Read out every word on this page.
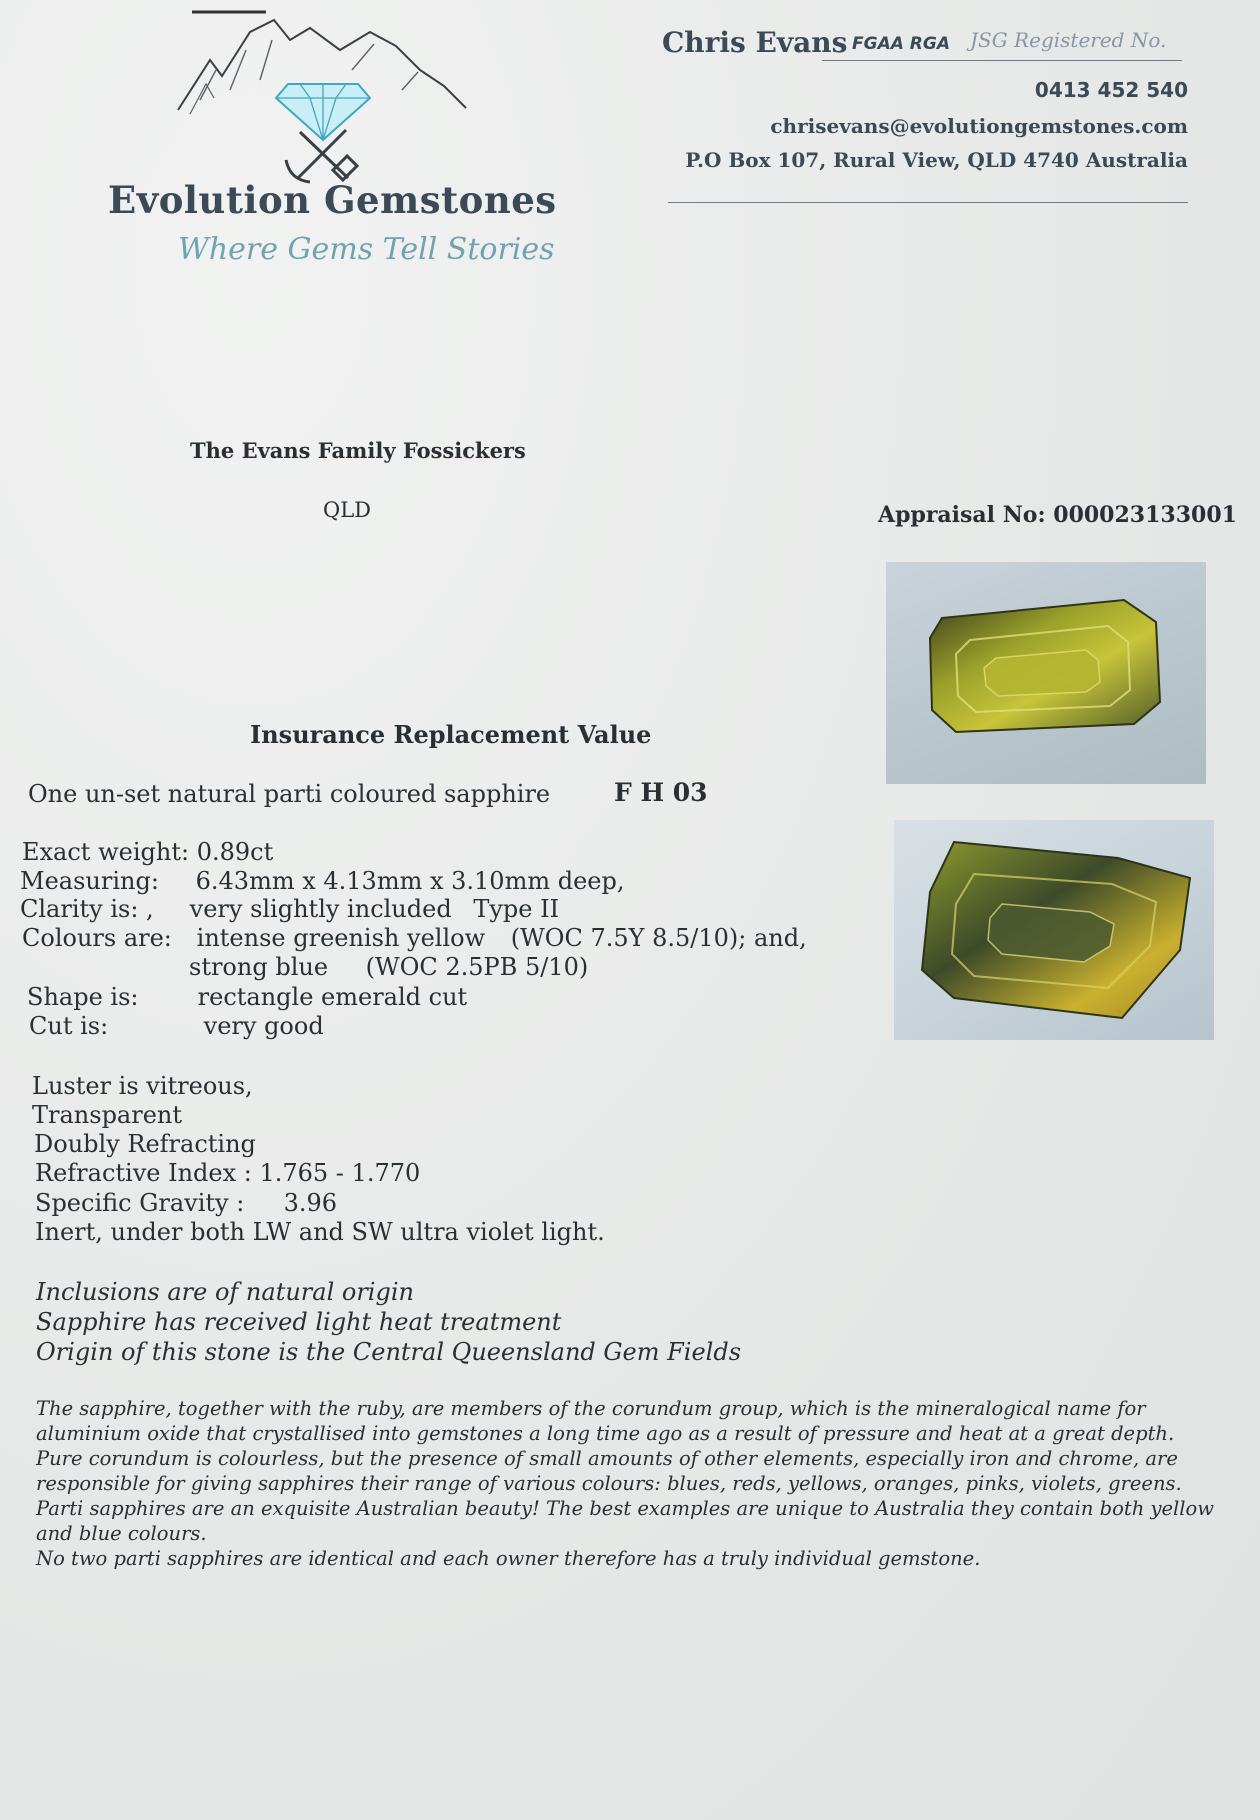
Evolution Gemstones
Where Gems Tell Stories
Chris Evans FGAA RGA JSG Registered No.
0413 452 540
chrisevans@evolutiongemstones.com
P.O Box 107, Rural View, QLD 4740 Australia
The Evans Family Fossickers
QLD	Appraisal No: 000023133001
Insurance Replacement Value
One un-set natural parti coloured sapphire	F H 03
Exact weight: 0.89ct
Measuring: 6.43mm x 4.13mm x 3.10mm deep,
Clarity is: , very slightly included Type II
Colours are: intense greenish yellow (WOC 7.5Y 8.5/10); and,
strong blue (WOC 2.5PB 5/10)
Shape is: rectangle emerald cut
Cut is:	very good
Luster is vitreous,
Transparent
Doubly Refracting
Refractive Index : 1.765 - 1.770
Specific Gravity : 3.96
Inert, under both LW and SW ultra violet light.
Inclusions are of natural origin
Sapphire has received light heat treatment
Origin of this stone is the Central Queensland Gem Fields

The sapphire, together with the ruby, are members of the corundum group, which is the mineralogical name for

aluminium oxide that crystallised into gemstones a long time ago as a result of pressure and heat at a great depth.

Pure corundum is colourless, but the presence of small amounts of other elements, especially iron and chrome, are

responsible for giving sapphires their range of various colours: blues, reds, yellows, oranges, pinks, violets, greens.

Parti sapphires are an exquisite Australian beauty! The best examples are unique to Australia they contain both yellow

and blue colours.

No two parti sapphires are identical and each owner therefore has a truly individual gemstone.
